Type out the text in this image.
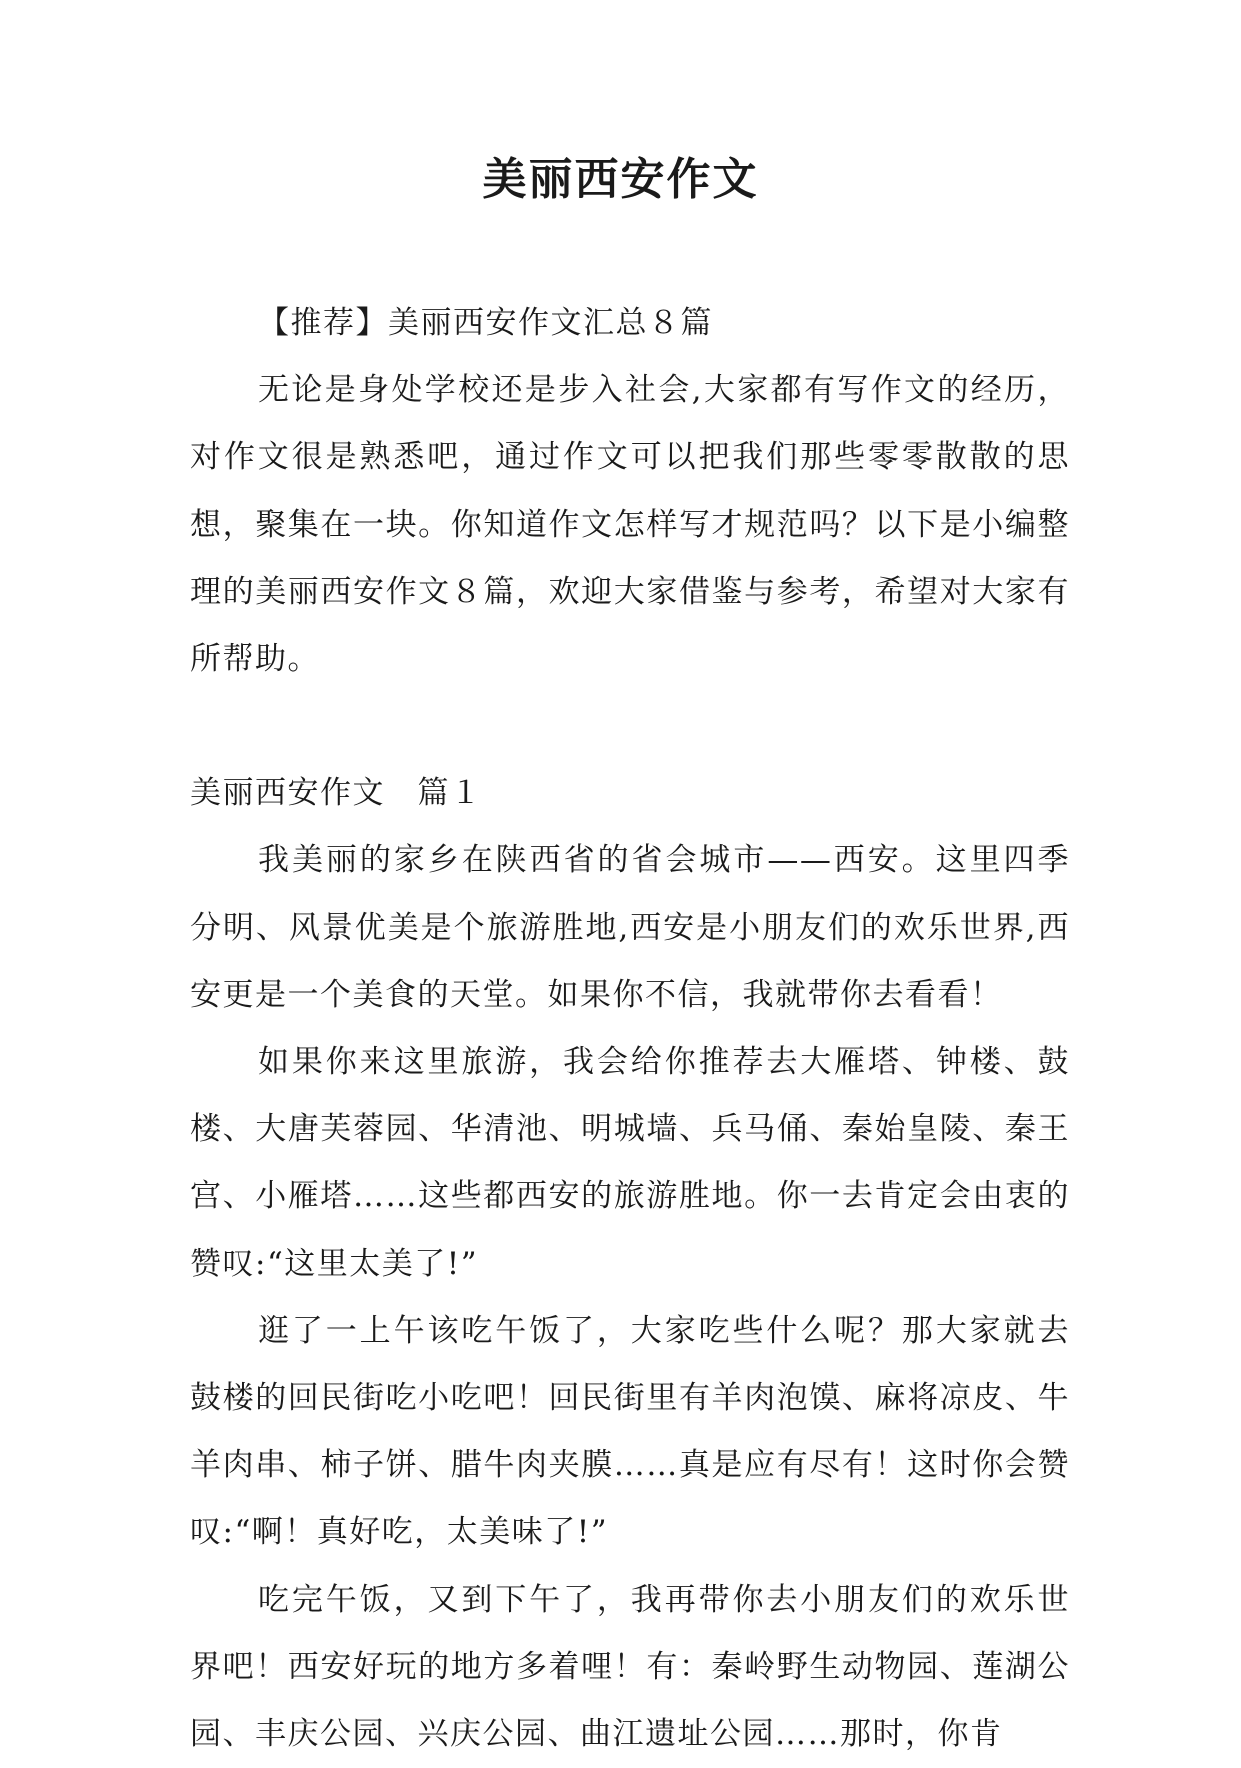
美丽西安作文

【推荐】美丽西安作文汇总８篇

无论是身处学校还是步入社会,大家都有写作文的经历，对作文很是熟悉吧，通过作文可以把我们那些零零散散的思想，聚集在一块。你知道作文怎样写才规范吗？以下是小编整理的美丽西安作文８篇，欢迎大家借鉴与参考，希望对大家有所帮助。

美丽西安作文　篇１

我美丽的家乡在陕西省的省会城市——西安。这里四季分明、风景优美是个旅游胜地,西安是小朋友们的欢乐世界,西安更是一个美食的天堂。如果你不信，我就带你去看看！

如果你来这里旅游，我会给你推荐去大雁塔、钟楼、鼓楼、大唐芙蓉园、华清池、明城墙、兵马俑、秦始皇陵、秦王宫、小雁塔……这些都西安的旅游胜地。你一去肯定会由衷的赞叹:“这里太美了!”

逛了一上午该吃午饭了，大家吃些什么呢？那大家就去鼓楼的回民街吃小吃吧！回民街里有羊肉泡馍、麻将凉皮、牛羊肉串、柿子饼、腊牛肉夹膜……真是应有尽有！这时你会赞叹:“啊！真好吃，太美味了!”

吃完午饭，又到下午了，我再带你去小朋友们的欢乐世界吧！西安好玩的地方多着哩！有：秦岭野生动物园、莲湖公园、丰庆公园、兴庆公园、曲江遗址公园……那时，你肯
